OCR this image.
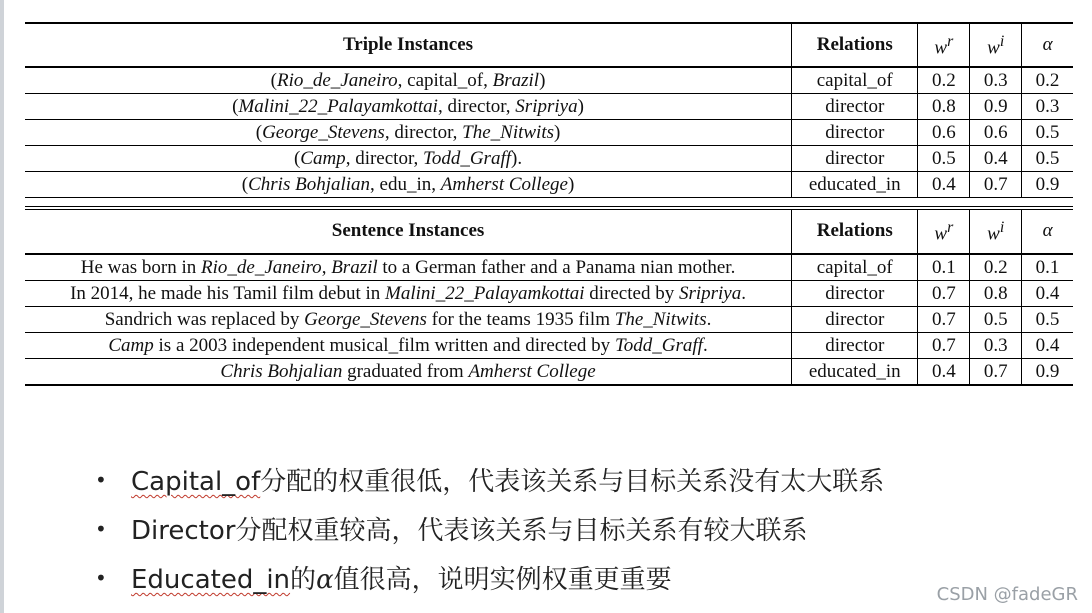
Triple Instances	Relations	$w^r$	$w^i$	α
(Rio_de_Janeiro, capital_of, Brazil)	capital_of	0.2	0.3	0.2
(Malini_22_Palayamkottai, director, Sripriya)	director	0.8	0.9	0.3
(George_Stevens, director, The_Nitwits)	director	0.6	0.6	0.5
(Camp, director, Todd_Graff).	director	0.5	0.4	0.5
(Chris Bohjalian, edu_in, Amherst College)	educated_in	0.4	0.7	0.9

Sentence Instances	Relations	$w^r$	$w^i$	α
He was born in Rio_de_Janeiro, Brazil to a German father and a Panama nian mother.	capital_of	0.1	0.2	0.1
In 2014, he made his Tamil film debut in Malini_22_Palayamkottai directed by Sripriya.	director	0.7	0.8	0.4
Sandrich was replaced by George_Stevens for the teams 1935 film The_Nitwits.	director	0.7	0.5	0.5
Camp is a 2003 independent musical_film written and directed by Todd_Graff.	director	0.7	0.3	0.4
Chris Bohjalian graduated from Amherst College	educated_in	0.4	0.7	0.9
• Capital_of分配的权重很低，代表该关系与目标关系没有太大联系
• Director分配权重较高，代表该关系与目标关系有较大联系
• Educated_in的α值很高，说明实例权重更重要	CSDN @fadeGR
